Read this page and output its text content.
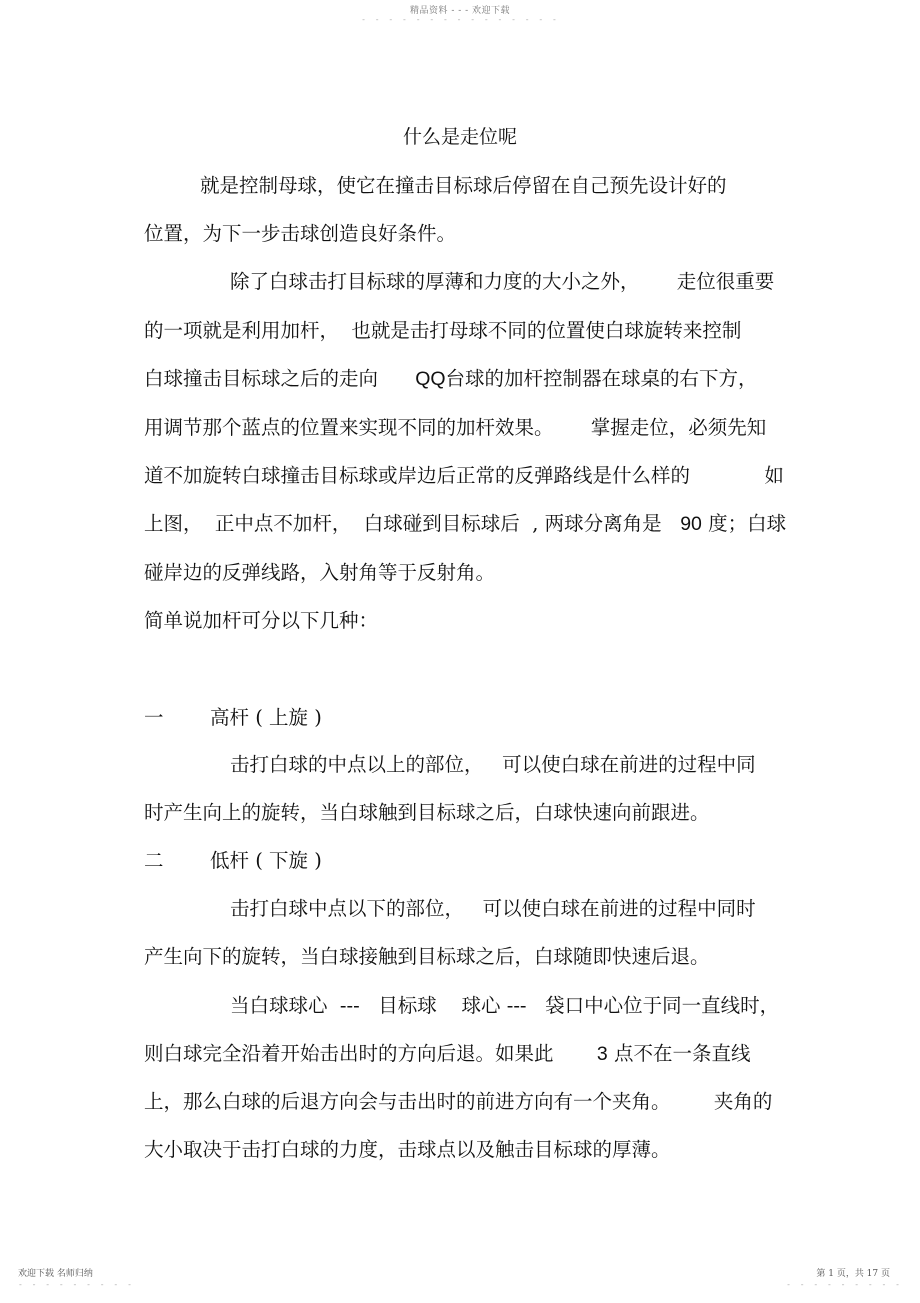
精品资料 - - - 欢迎下载
- - - - - - - - - - - - - - -
什么是走位呢
就是控制母球，使它在撞击目标球后停留在自己预先设计好的
位置，为下一步击球创造良好条件。
除了白球击打目标球的厚薄和力度的大小之外，      走位很重要
的一项就是利用加杆，  也就是击打母球不同的位置使白球旋转来控制
白球撞击目标球之后的走向      QQ台球的加杆控制器在球桌的右下方，
用调节那个蓝点的位置来实现不同的加杆效果。      掌握走位，必须先知
道不加旋转白球撞击目标球或岸边后正常的反弹路线是什么样的            如
上图，  正中点不加杆，  白球碰到目标球后  , 两球分离角是   90 度；白球
碰岸边的反弹线路，入射角等于反射角。
简单说加杆可分以下几种：
一 高杆 ( 上旋 )
击打白球的中点以上的部位，   可以使白球在前进的过程中同
时产生向上的旋转，当白球触到目标球之后，白球快速向前跟进。
二 低杆 ( 下旋 )
击打白球中点以下的部位，   可以使白球在前进的过程中同时
产生向下的旋转，当白球接触到目标球之后，白球随即快速后退。
当白球球心  ---   目标球    球心 ---   袋口中心位于同一直线时，
则白球完全沿着开始击出时的方向后退。如果此       3 点不在一条直线
上，那么白球的后退方向会与击出时的前进方向有一个夹角。       夹角的
大小取决于击打白球的力度，击球点以及触击目标球的厚薄。
欢迎下载 名师归纳	第 1 页，共 17 页
- - - - - - - - -	- - - - - - - - -
